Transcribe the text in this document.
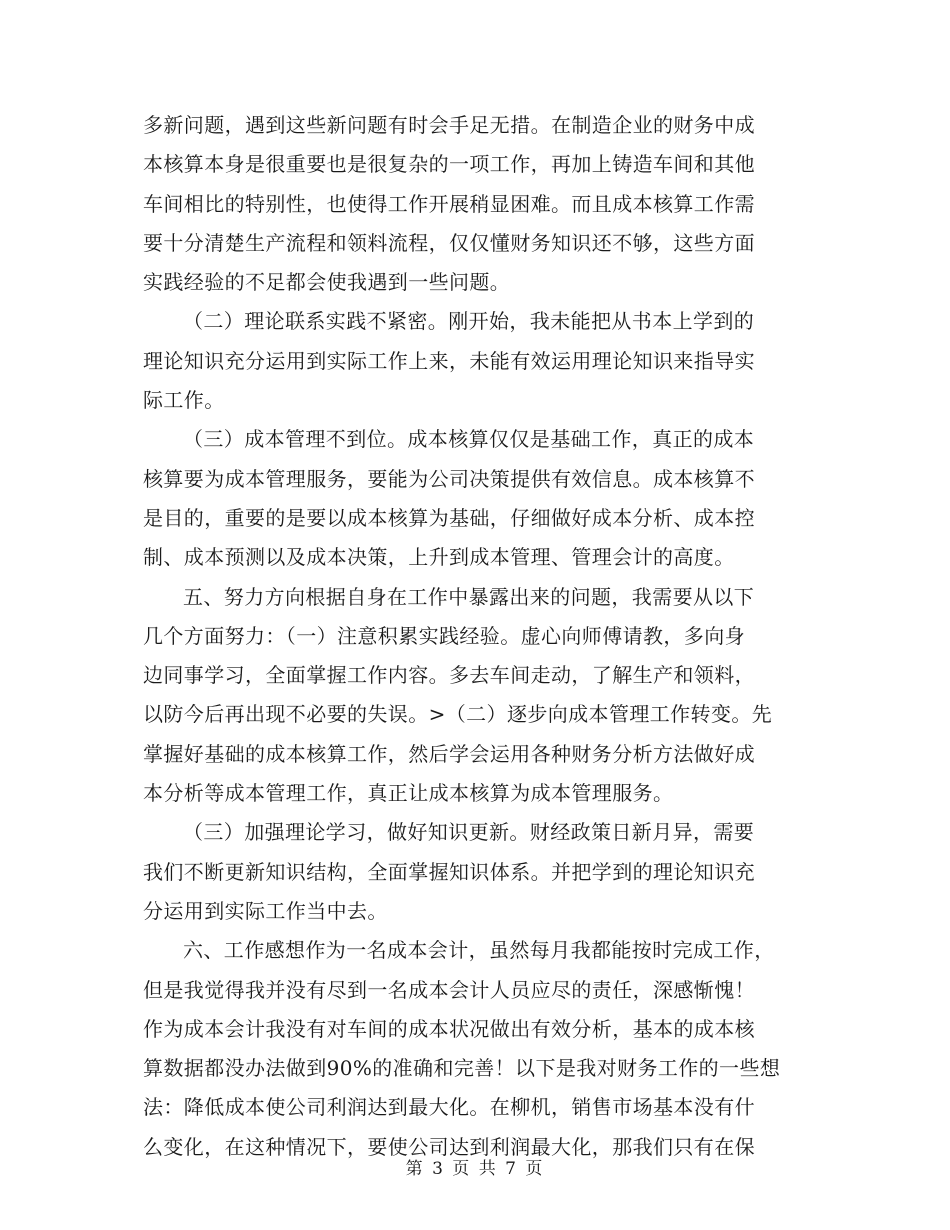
多新问题，遇到这些新问题有时会手足无措。在制造企业的财务中成
本核算本身是很重要也是很复杂的一项工作，再加上铸造车间和其他
车间相比的特别性，也使得工作开展稍显困难。而且成本核算工作需
要十分清楚生产流程和领料流程，仅仅懂财务知识还不够，这些方面
实践经验的不足都会使我遇到一些问题。

（二）理论联系实践不紧密。刚开始，我未能把从书本上学到的
理论知识充分运用到实际工作上来，未能有效运用理论知识来指导实
际工作。

（三）成本管理不到位。成本核算仅仅是基础工作，真正的成本
核算要为成本管理服务，要能为公司决策提供有效信息。成本核算不
是目的，重要的是要以成本核算为基础，仔细做好成本分析、成本控
制、成本预测以及成本决策，上升到成本管理、管理会计的高度。

五、努力方向根据自身在工作中暴露出来的问题，我需要从以下
几个方面努力：（一）注意积累实践经验。虚心向师傅请教，多向身
边同事学习，全面掌握工作内容。多去车间走动，了解生产和领料，
以防今后再出现不必要的失误。>（二）逐步向成本管理工作转变。先
掌握好基础的成本核算工作，然后学会运用各种财务分析方法做好成
本分析等成本管理工作，真正让成本核算为成本管理服务。

（三）加强理论学习，做好知识更新。财经政策日新月异，需要
我们不断更新知识结构，全面掌握知识体系。并把学到的理论知识充
分运用到实际工作当中去。

六、工作感想作为一名成本会计，虽然每月我都能按时完成工作，
但是我觉得我并没有尽到一名成本会计人员应尽的责任，深感惭愧！
作为成本会计我没有对车间的成本状况做出有效分析，基本的成本核
算数据都没办法做到90%的准确和完善！以下是我对财务工作的一些想
法：降低成本使公司利润达到最大化。在柳机，销售市场基本没有什
么变化，在这种情况下，要使公司达到利润最大化，那我们只有在保

第 3 页 共 7 页
